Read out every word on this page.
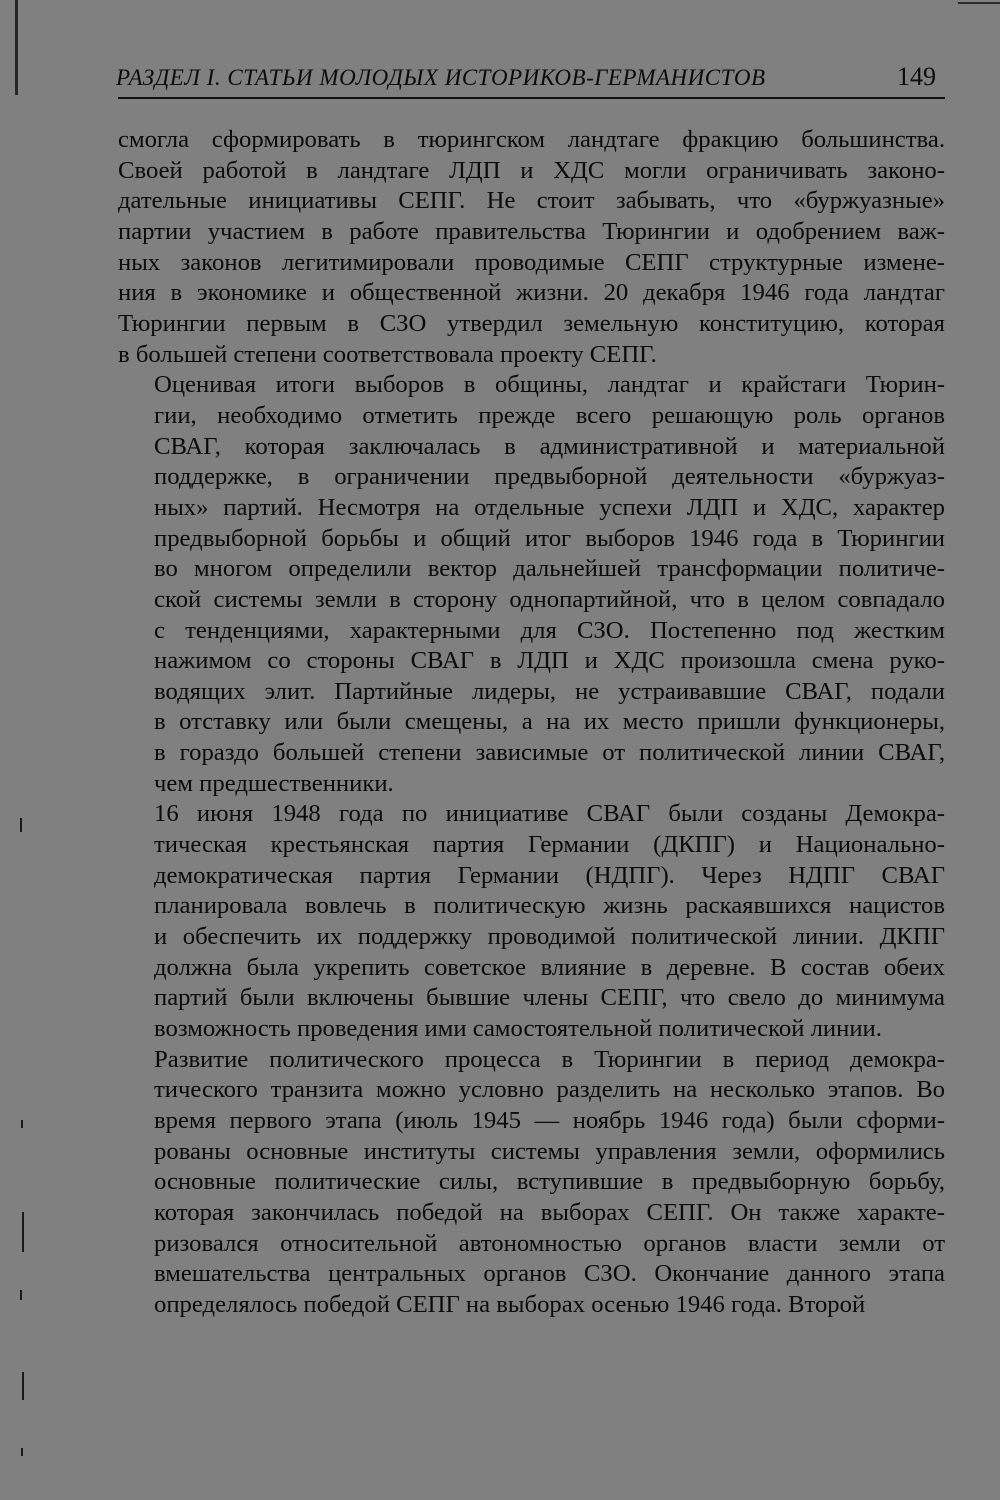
РАЗДЕЛ I. СТАТЬИ МОЛОДЫХ ИСТОРИКОВ-ГЕРМАНИСТОВ	149

смогла сформировать в тюрингском ландтаге фракцию большинства.
Своей работой в ландтаге ЛДП и ХДС могли ограничивать законо-
дательные инициативы СЕПГ. Не стоит забывать, что «буржуазные»
партии участием в работе правительства Тюрингии и одобрением важ-
ных законов легитимировали проводимые СЕПГ структурные измене-
ния в экономике и общественной жизни. 20 декабря 1946 года ландтаг
Тюрингии первым в СЗО утвердил земельную конституцию, которая
в большей степени соответствовала проекту СЕПГ.

Оценивая итоги выборов в общины, ландтаг и крайстаги Тюрин-
гии, необходимо отметить прежде всего решающую роль органов
СВАГ, которая заключалась в административной и материальной
поддержке, в ограничении предвыборной деятельности «буржуаз-
ных» партий. Несмотря на отдельные успехи ЛДП и ХДС, характер
предвыборной борьбы и общий итог выборов 1946 года в Тюрингии
во многом определили вектор дальнейшей трансформации политиче-
ской системы земли в сторону однопартийной, что в целом совпадало
с тенденциями, характерными для СЗО. Постепенно под жестким
нажимом со стороны СВАГ в ЛДП и ХДС произошла смена руко-
водящих элит. Партийные лидеры, не устраивавшие СВАГ, подали
в отставку или были смещены, а на их место пришли функционеры,
в гораздо большей степени зависимые от политической линии СВАГ,
чем предшественники.

16 июня 1948 года по инициативе СВАГ были созданы Демокра-
тическая крестьянская партия Германии (ДКПГ) и Национально-
демократическая партия Германии (НДПГ). Через НДПГ СВАГ
планировала вовлечь в политическую жизнь раскаявшихся нацистов
и обеспечить их поддержку проводимой политической линии. ДКПГ
должна была укрепить советское влияние в деревне. В состав обеих
партий были включены бывшие члены СЕПГ, что свело до минимума
возможность проведения ими самостоятельной политической линии.

Развитие политического процесса в Тюрингии в период демокра-
тического транзита можно условно разделить на несколько этапов. Во
время первого этапа (июль 1945 — ноябрь 1946 года) были сформи-
рованы основные институты системы управления земли, оформились
основные политические силы, вступившие в предвыборную борьбу,
которая закончилась победой на выборах СЕПГ. Он также характе-
ризовался относительной автономностью органов власти земли от
вмешательства центральных органов СЗО. Окончание данного этапа
определялось победой СЕПГ на выборах осенью 1946 года. Второй
